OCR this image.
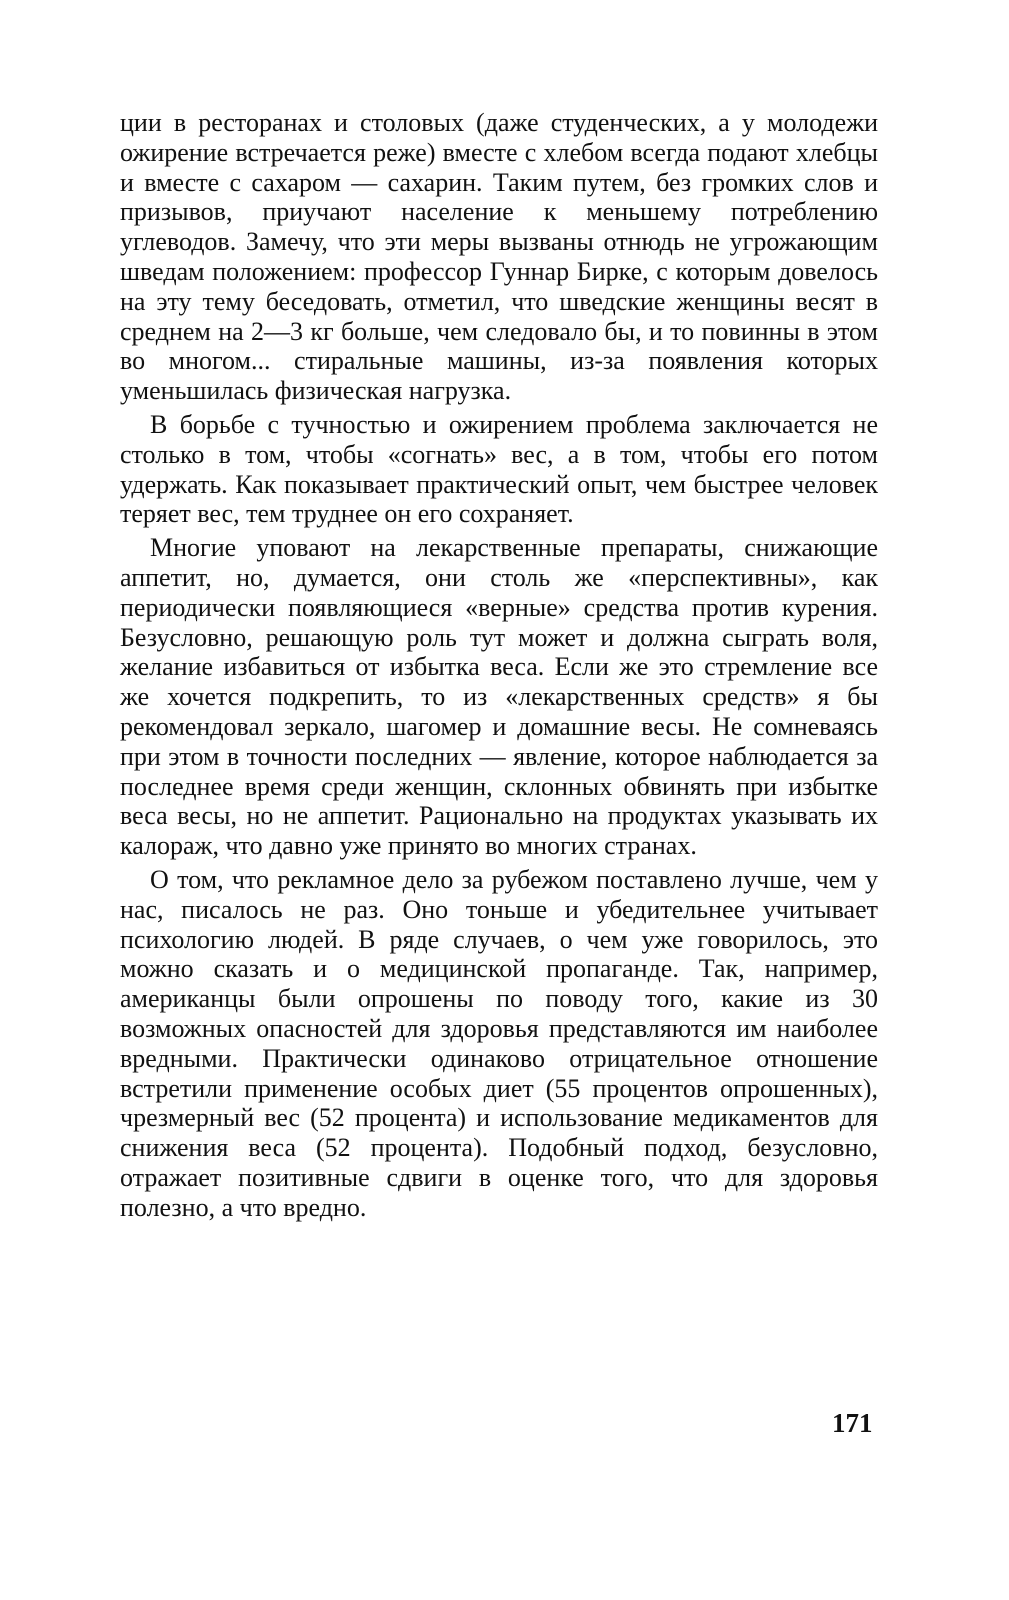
ции в ресторанах и столовых (даже студенческих, а у молодежи ожирение встречается реже) вместе с хлебом всегда подают хлебцы и вместе с сахаром — сахарин. Таким путем, без громких слов и призывов, приучают население к меньшему потреблению углеводов. Замечу, что эти меры вызваны отнюдь не угрожающим шведам положением: профессор Гуннар Бирке, с которым довелось на эту тему беседовать, отметил, что шведские женщины весят в среднем на 2—3 кг больше, чем следовало бы, и то повинны в этом во многом... стиральные машины, из-за появления которых уменьшилась физическая нагрузка.

В борьбе с тучностью и ожирением проблема заключается не столько в том, чтобы «согнать» вес, а в том, чтобы его потом удержать. Как показывает практический опыт, чем быстрее человек теряет вес, тем труднее он его сохраняет.

Многие уповают на лекарственные препараты, снижающие аппетит, но, думается, они столь же «перспективны», как периодически появляющиеся «верные» средства против курения. Безусловно, решающую роль тут может и должна сыграть воля, желание избавиться от избытка веса. Если же это стремление все же хочется подкрепить, то из «лекарственных средств» я бы рекомендовал зеркало, шагомер и домашние весы. Не сомневаясь при этом в точности последних — явление, которое наблюдается за последнее время среди женщин, склонных обвинять при избытке веса весы, но не аппетит. Рационально на продуктах указывать их калораж, что давно уже принято во многих странах.

О том, что рекламное дело за рубежом поставлено лучше, чем у нас, писалось не раз. Оно тоньше и убедительнее учитывает психологию людей. В ряде случаев, о чем уже говорилось, это можно сказать и о медицинской пропаганде. Так, например, американцы были опрошены по поводу того, какие из 30 возможных опасностей для здоровья представляются им наиболее вредными. Практически одинаково отрицательное отношение встретили применение особых диет (55 процентов опрошенных), чрезмерный вес (52 процента) и использование медикаментов для снижения веса (52 процента). Подобный подход, безусловно, отражает позитивные сдвиги в оценке того, что для здоровья полезно, а что вредно.

171
